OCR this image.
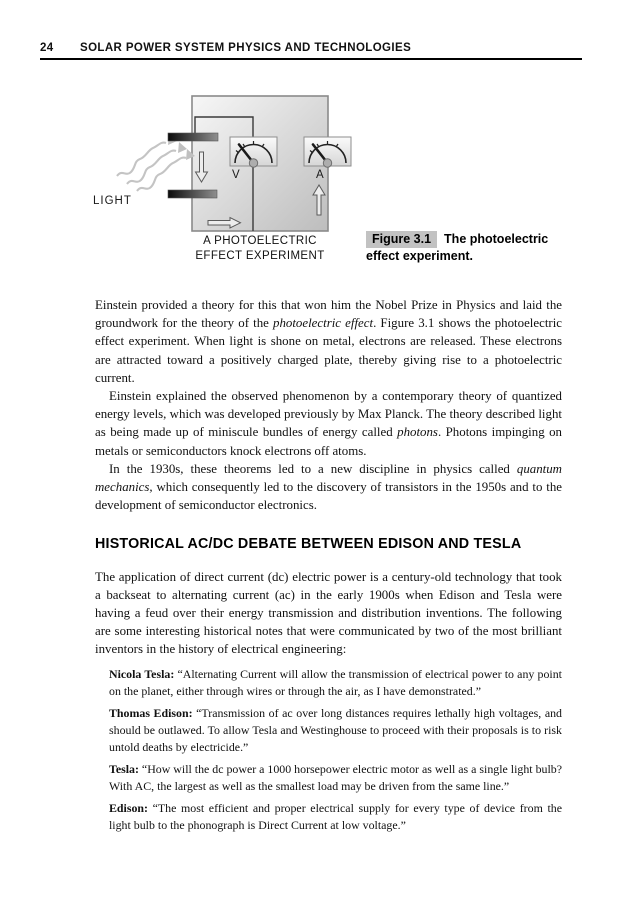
24	SOLAR POWER SYSTEM PHYSICS AND TECHNOLOGIES
LIGHT
V	A
A PHOTOELECTRIC
EFFECT EXPERIMENT
Figure 3.1 The photoelectric effect experiment.

Einstein provided a theory for this that won him the Nobel Prize in Physics and laid the groundwork for the theory of the photoelectric effect. Figure 3.1 shows the photoelectric effect experiment. When light is shone on metal, electrons are released. These electrons are attracted toward a positively charged plate, thereby giving rise to a photoelectric current.

Einstein explained the observed phenomenon by a contemporary theory of quantized energy levels, which was developed previously by Max Planck. The theory described light as being made up of miniscule bundles of energy called photons. Photons impinging on metals or semiconductors knock electrons off atoms.

In the 1930s, these theorems led to a new discipline in physics called quantum mechanics, which consequently led to the discovery of transistors in the 1950s and to the development of semiconductor electronics.

HISTORICAL AC/DC DEBATE BETWEEN EDISON AND TESLA

The application of direct current (dc) electric power is a century-old technology that took a backseat to alternating current (ac) in the early 1900s when Edison and Tesla were having a feud over their energy transmission and distribution inventions. The following are some interesting historical notes that were communicated by two of the most brilliant inventors in the history of electrical engineering:

Nicola Tesla: “Alternating Current will allow the transmission of electrical power to any point on the planet, either through wires or through the air, as I have demonstrated.”

Thomas Edison: “Transmission of ac over long distances requires lethally high voltages, and should be outlawed. To allow Tesla and Westinghouse to proceed with their proposals is to risk untold deaths by electricide.”

Tesla: “How will the dc power a 1000 horsepower electric motor as well as a single light bulb? With AC, the largest as well as the smallest load may be driven from the same line.”

Edison: “The most efficient and proper electrical supply for every type of device from the light bulb to the phonograph is Direct Current at low voltage.”
